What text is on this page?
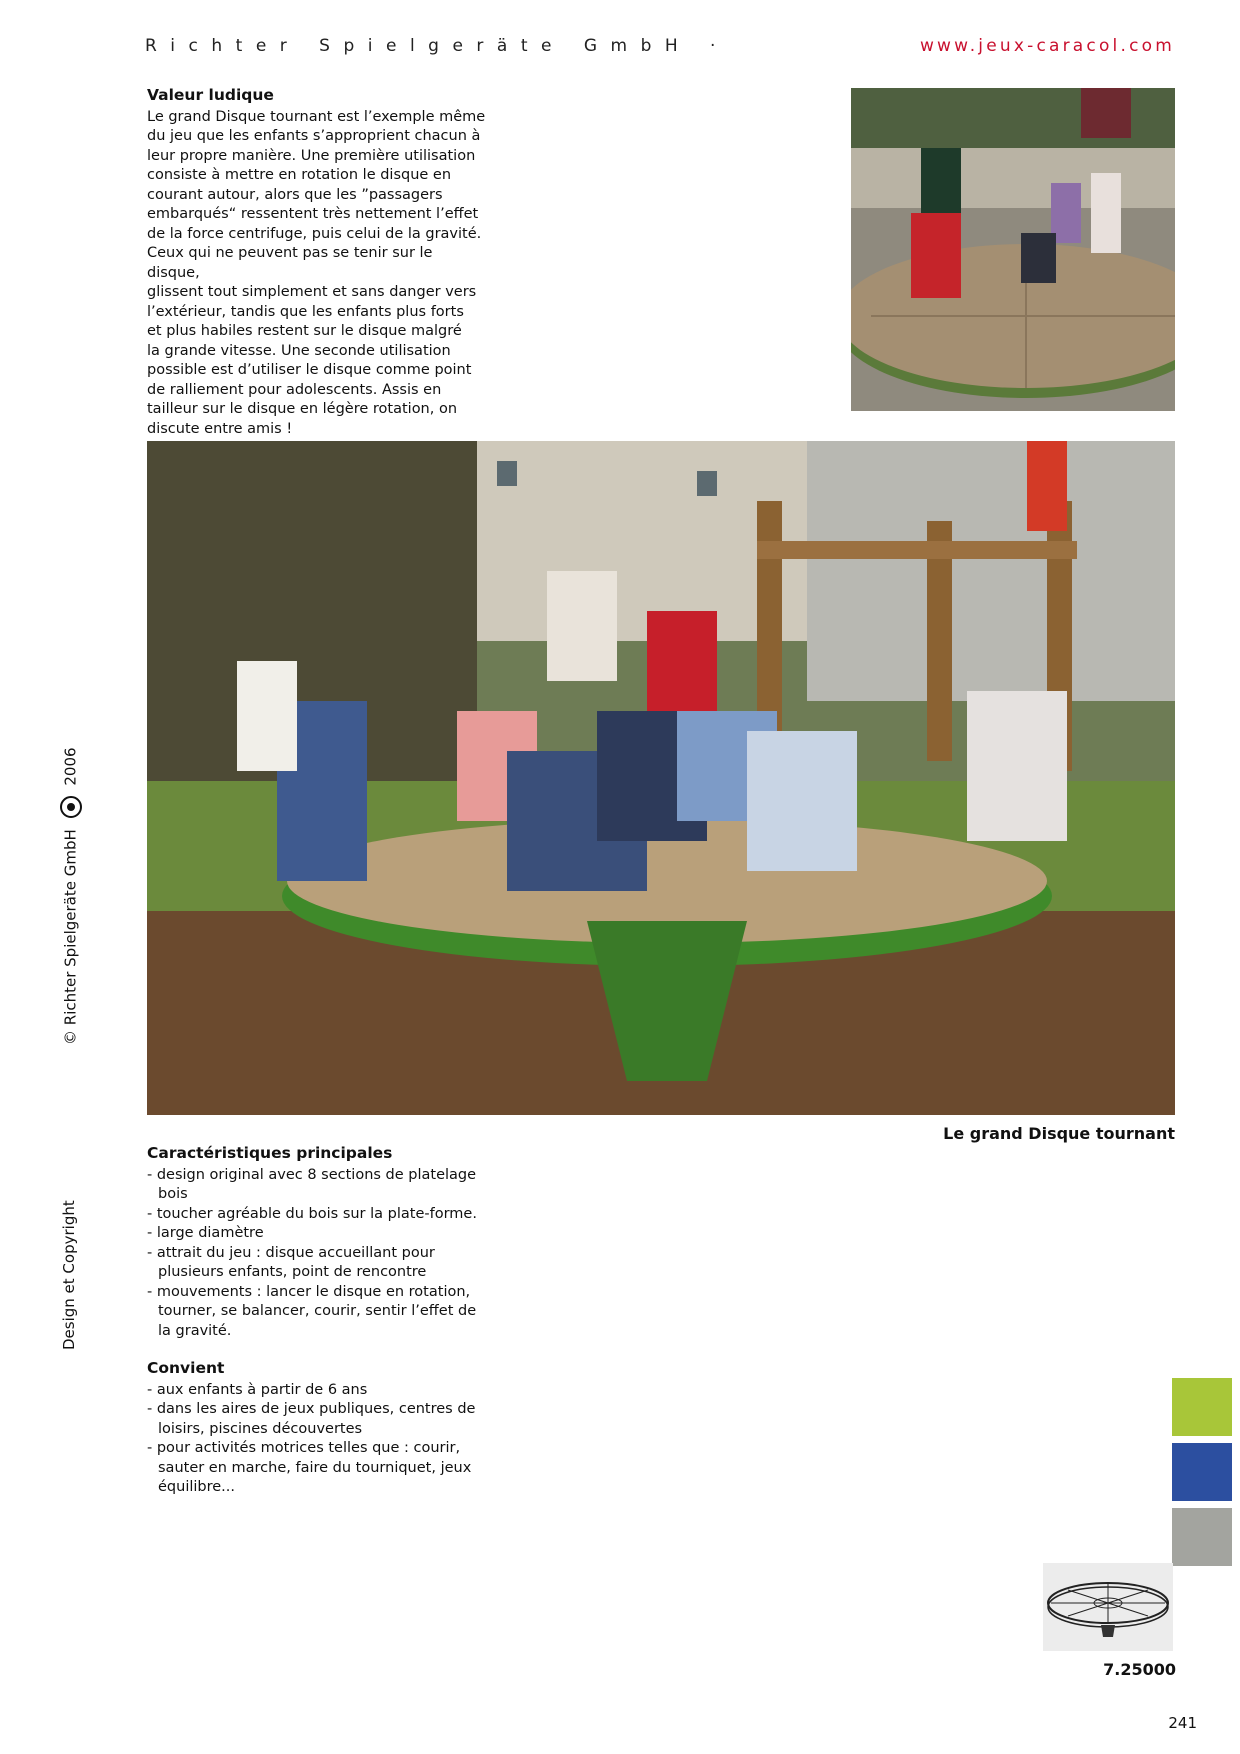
Richter Spielgeräte GmbH ·	www.jeux-caracol.com
Valeur ludique
Le grand Disque tournant est l’exemple même
du jeu que les enfants s’approprient chacun à
leur propre manière. Une première utilisation
consiste à mettre en rotation le disque en
courant autour, alors que les ”passagers
embarqués“ ressentent très nettement l’effet
de la force centrifuge, puis celui de la gravité.
Ceux qui ne peuvent pas se tenir sur le disque,
glissent tout simplement et sans danger vers
l’extérieur, tandis que les enfants plus forts
et plus habiles restent sur le disque malgré
la grande vitesse. Une seconde utilisation
possible est d’utiliser le disque comme point
de ralliement pour adolescents. Assis en
tailleur sur le disque en légère rotation, on
discute entre amis !
Le grand Disque tournant
Caractéristiques principales
- design original avec 8 sections de platelage bois
- toucher agréable du bois sur la plate-forme.
- large diamètre
- attrait du jeu : disque accueillant pour plusieurs enfants, point de rencontre
- mouvements : lancer le disque en rotation, tourner, se balancer, courir, sentir l’effet de la gravité.
Convient
- aux enfants à partir de 6 ans
- dans les aires de jeux publiques, centres de loisirs, piscines découvertes
- pour activités motrices telles que : courir, sauter en marche, faire du tourniquet, jeux équilibre...
© Richter Spielgeräte GmbH  2006
Design et Copyright
7.25000
241
